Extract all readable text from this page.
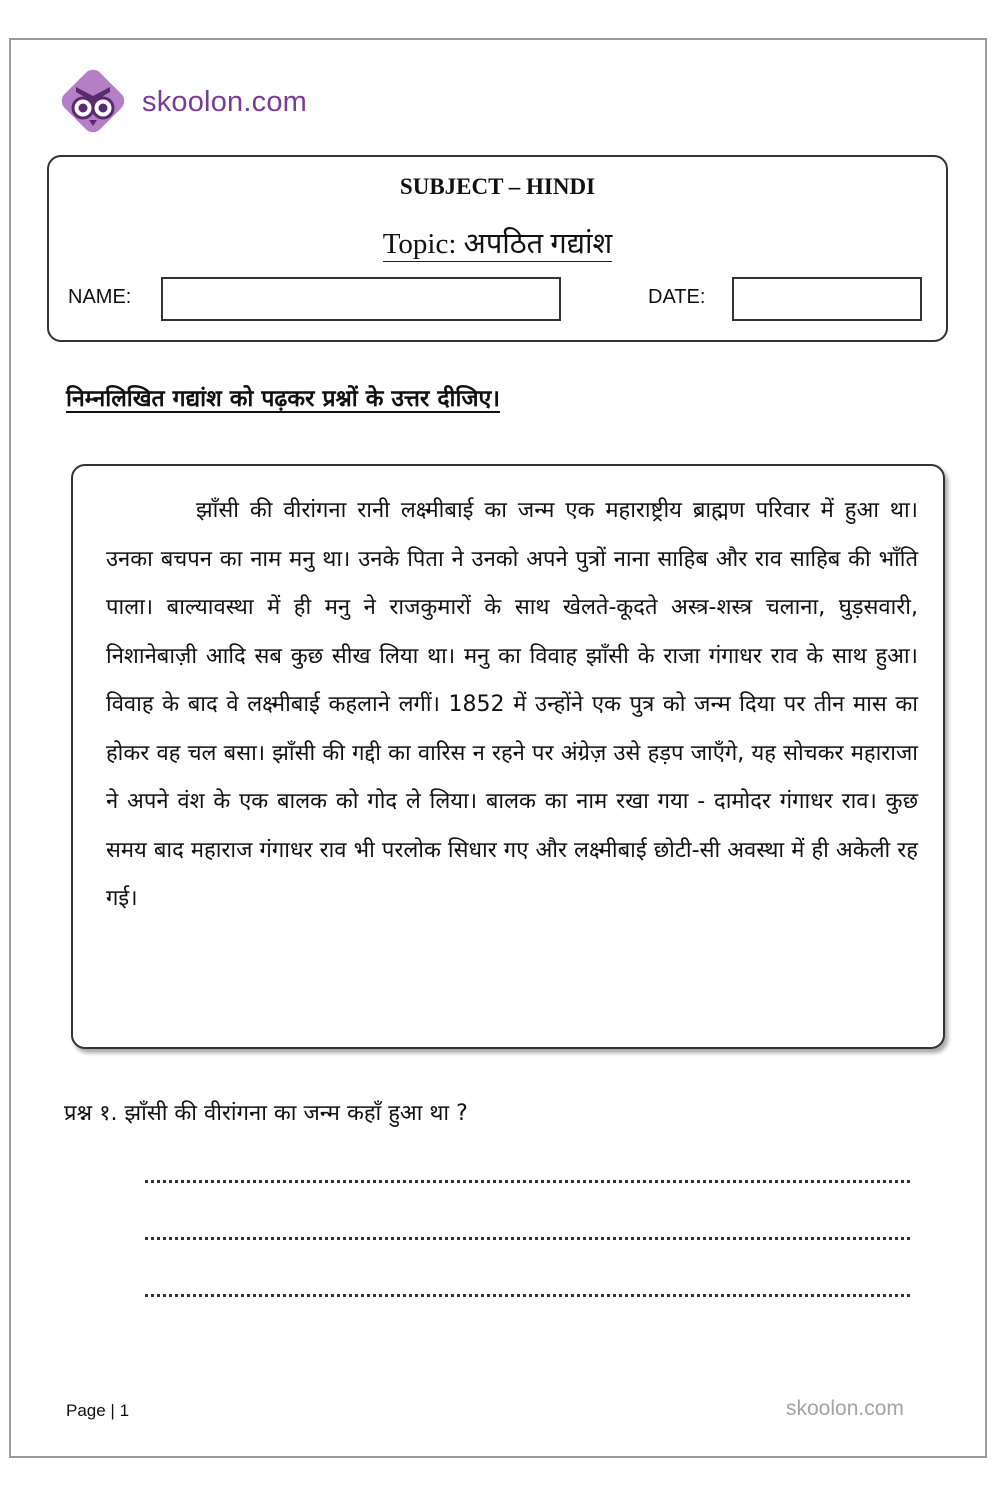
skoolon.com
SUBJECT – HINDI
Topic: अपठित गद्यांश
NAME:	DATE:
निम्नलिखित गद्यांश को पढ़कर प्रश्नों के उत्तर दीजिए।

झाँसी की वीरांगना रानी लक्ष्मीबाई का जन्म एक महाराष्ट्रीय ब्राह्मण परिवार में हुआ था। उनका बचपन का नाम मनु था। उनके पिता ने उनको अपने पुत्रों नाना साहिब और राव साहिब की भाँति पाला। बाल्यावस्था में ही मनु ने राजकुमारों के साथ खेलते-कूदते अस्त्र-शस्त्र चलाना, घुड़सवारी, निशानेबाज़ी आदि सब कुछ सीख लिया था। मनु का विवाह झाँसी के राजा गंगाधर राव के साथ हुआ। विवाह के बाद वे लक्ष्मीबाई कहलाने लगीं। 1852 में उन्होंने एक पुत्र को जन्म दिया पर तीन मास का होकर वह चल बसा। झाँसी की गद्दी का वारिस न रहने पर अंग्रेज़ उसे हड़प जाएँगे, यह सोचकर महाराजा ने अपने वंश के एक बालक को गोद ले लिया। बालक का नाम रखा गया - दामोदर गंगाधर राव। कुछ समय बाद महाराज गंगाधर राव भी परलोक सिधार गए और लक्ष्मीबाई छोटी-सी अवस्था में ही अकेली रह गई।

प्रश्न १. झाँसी की वीरांगना का जन्म कहाँ हुआ था ?
Page | 1	skoolon.com
